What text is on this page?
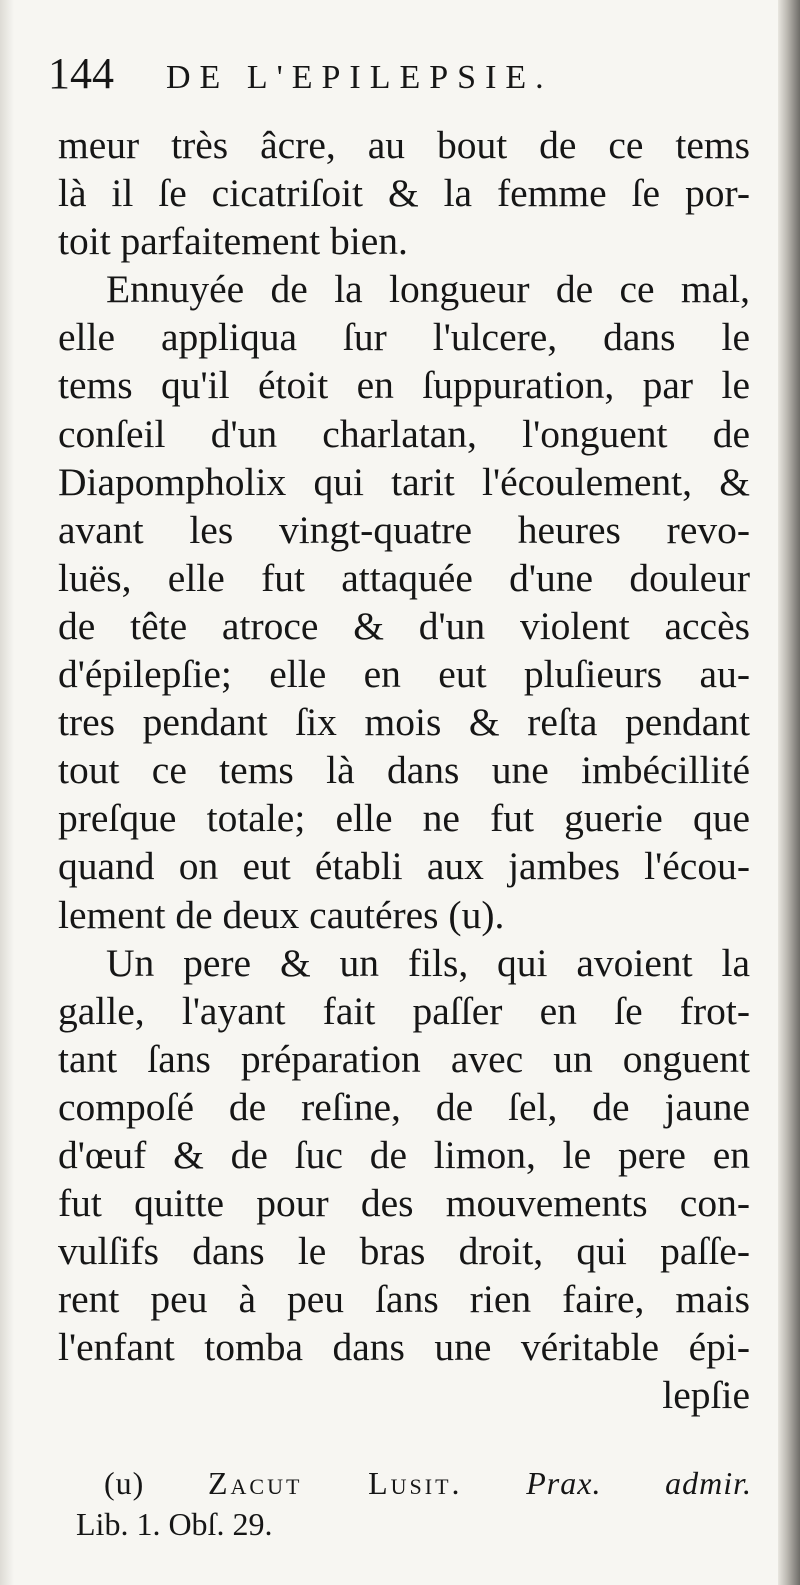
144 DE L'EPILEPSIE.
meur très âcre, au bout de ce tems
là il ſe cicatriſoit & la femme ſe por-
toit parfaitement bien.
Ennuyée de la longueur de ce mal,
elle appliqua ſur l'ulcere, dans le
tems qu'il étoit en ſuppuration, par le
conſeil d'un charlatan, l'onguent de
Diapompholix qui tarit l'écoulement, &
avant les vingt-quatre heures revo-
luës, elle fut attaquée d'une douleur
de tête atroce & d'un violent accès
d'épilepſie; elle en eut pluſieurs au-
tres pendant ſix mois & reſta pendant
tout ce tems là dans une imbécillité
preſque totale; elle ne fut guerie que
quand on eut établi aux jambes l'écou-
lement de deux cautéres (u).
Un pere & un fils, qui avoient la
galle, l'ayant fait paſſer en ſe frot-
tant ſans préparation avec un onguent
compoſé de reſine, de ſel, de jaune
d'œuf & de ſuc de limon, le pere en
fut quitte pour des mouvements con-
vulſifs dans le bras droit, qui paſſe-
rent peu à peu ſans rien faire, mais
l'enfant tomba dans une véritable épi-
lepſie
(u) Zacut Lusit. Prax. admir.
Lib. 1. Obſ. 29.
